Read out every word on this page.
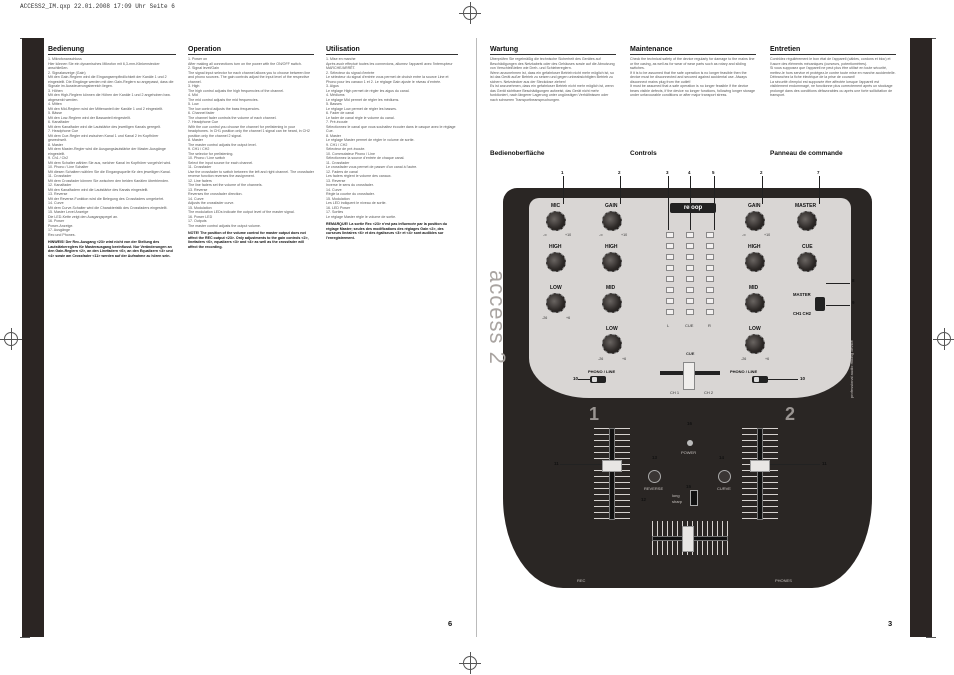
ACCESS2_IM.qxp 22.01.2008 17:09 Uhr Seite 6
Bedienung
1. Mikrofonanschluss
Hier können Sie ein dynamisches Mikrofon mit 6,3-mm-Klinkenstecker anschließen.
2. Signalanzeige (Gain)
Mit den Gain-Reglern wird die Eingangsempfindlichkeit der Kanäle 1 und 2 eingestellt. Die Eingänge werden mit den Gain-Reglern so angepasst, dass die Signale im Aussteuerungsbereich liegen.
3. Höhen
Mit den High-Reglern können die Höhen der Kanäle 1 und 2 angehoben bzw. abgesenkt werden.
4. Mitten
Mit den Mid-Reglern wird der Mittenanteil der Kanäle 1 und 2 eingestellt.
5. Bässe
Mit den Low-Reglern wird der Bassanteil eingestellt.
6. Kanalfader
Mit dem Kanalfader wird die Lautstärke des jeweiligen Kanals geregelt.
7. Headphone Cue
Mit dem Cue-Regler wird zwischen Kanal 1 und Kanal 2 im Kopfhörer gewechselt.
8. Master
Mit dem Master-Regler wird die Ausgangslautstärke der Master-Ausgänge eingestellt.
9. Ch1 / Ch2
Mit dem Schalter wählen Sie aus, welcher Kanal im Kopfhörer vorgehört wird.
10. Phono / Line Schalter
Mit diesen Schaltern wählen Sie die Eingangsquelle für den jeweiligen Kanal.
11. Crossfader
Mit dem Crossfader können Sie zwischen den beiden Kanälen überblenden.
12. Kanalfader
Mit den Kanalfadern wird die Lautstärke des Kanals eingestellt.
13. Reverse
Mit der Reverse-Funktion wird die Belegung des Crossfaders umgekehrt.
14. Curve
Mit dem Curve-Schalter wird die Charakteristik des Crossfaders eingestellt.
15. Master Level Anzeige
Die LED-Kette zeigt den Ausgangspegel an.
16. Power
Power-Anzeige.
17. Ausgänge
Rec und Phones.
HINWEIS! Der Rec-Ausgang <23> wird nicht von der Stellung des Lautstärkereglers für Masterausgang beeinflusst. Nur Veränderungen an den Gain-Reglern <2>, an den Linefadern <6>, an den Equalizern <3> und <4> sowie am Crossfader <11> werden auf der Aufnahme zu hören sein.
Operation
1. Power on
After making all connections turn on the power with the ON/OFF switch.
2. Signal level/Gain
The signal input selector for each channel allows you to choose between line and phono sources. The gain controls adjust the input level of the respective channel.
3. High
The high control adjusts the high frequencies of the channel.
4. Mid
The mid control adjusts the mid frequencies.
5. Low
The low control adjusts the bass frequencies.
6. Channel fader
The channel fader controls the volume of each channel.
7. Headphone Cue
With the cue control you choose the channel for prelistening in your headphones. In CH1 position only the channel 1 signal can be heard, in CH2 position only the channel 2 signal.
8. Master
The master control adjusts the output level.
9. CH1 / CH2
The selector for prelistening.
10. Phono / Line switch
Select the input source for each channel.
11. Crossfader
Use the crossfader to switch between the left and right channel. The crossfader reverse function reverses the assignment.
12. Line faders
The line faders set the volume of the channels.
13. Reverse
Reverses the crossfader direction.
14. Curve
Adjusts the crossfader curve.
15. Modulation
The modulation LEDs indicate the output level of the master signal.
16. Power LED
17. Outputs
The master control adjusts the output volume.
NOTE! The position of the volume control for master output does not affect the REC output <23>. Only adjustments to the gain controls <2>, linefaders <6>, equalizers <3> and <4> as well as the crossfader will affect the recording.
Utilisation
1. Mise en marche
Après avoir effectué toutes les connexions, allumez l'appareil avec l'interrupteur MARCHE/ARRÊT.
2. Sélecteur du signal d'entrée
Le sélecteur du signal d'entrée vous permet de choisir entre la source Line et Phono pour les canaux 1 et 2. Le réglage Gain ajuste le niveau d'entrée.
3. Aigus
Le réglage High permet de régler les aigus du canal.
4. Médiums
Le réglage Mid permet de régler les médiums.
5. Basses
Le réglage Low permet de régler les basses.
6. Fader de canal
Le fader de canal règle le volume du canal.
7. Pré-écoute
Sélectionnez le canal que vous souhaitez écouter dans le casque avec le réglage Cue.
8. Master
Le réglage Master permet de régler le volume de sortie.
9. CH1 / CH2
Sélecteur de pré-écoute.
10. Commutateur Phono / Line
Sélectionnez la source d'entrée de chaque canal.
11. Crossfader
Le crossfader vous permet de passer d'un canal à l'autre.
12. Faders de canal
Les faders règlent le volume des canaux.
13. Reverse
Inverse le sens du crossfader.
14. Curve
Règle la courbe du crossfader.
15. Modulation
Les LED indiquent le niveau de sortie.
16. LED Power
17. Sorties
Le réglage Master règle le volume de sortie.
REMARQUE! La sortie Rec <23> n'est pas influencée par la position du réglage Master; seules des modifications des réglages Gain <2>, des curseurs linéaires <6> et des égaliseurs <3> et <4> sont audibles sur l'enregistrement.
Wartung
Überprüfen Sie regelmäßig die technische Sicherheit des Gerätes auf Beschädigungen des Netzkabels oder des Gehäuses sowie auf die Abnutzung von Verschleißteilen wie Dreh- und Schiebereglern.
Wenn anzunehmen ist, dass ein gefahrloser Betrieb nicht mehr möglich ist, so ist das Gerät außer Betrieb zu setzen und gegen unbeabsichtigten Betrieb zu sichern. Netzstecker aus der Steckdose ziehen!
Es ist anzunehmen, dass ein gefahrloser Betrieb nicht mehr möglich ist, wenn das Gerät sichtbare Beschädigungen aufweist, das Gerät nicht mehr funktioniert, nach längerer Lagerung unter ungünstigen Verhältnissen oder nach schweren Transportbeanspruchungen.
Maintenance
Check the technical safety of the device regularly for damage to the mains line or the casing, as well as for wear of wear parts such as rotary and sliding switches.
If it is to be assumed that the safe operation is no longer feasible then the device must be disconnected and secured against accidental use. Always disconnect mains plug from the outlet!
It must be assumed that a safe operation is no longer feasible if the device bears visible defects, if the device no longer functions, following longer storage under unfavourable conditions or after major transport stress.
Entretien
Contrôlez régulièrement le bon état de l'appareil (câbles, cordons et bloc) et l'usure des éléments mécaniques (curseurs, potentiomètres).
Si vous supposez que l'appareil ne peut plus être utilisé en toute sécurité, mettez-le hors service et protégez-le contre toute mise en marche accidentelle. Débranchez la fiche électrique de la prise de courant!
La sécurité d'emploi est supposée être affectée lorsque l'appareil est visiblement endommagé, ne fonctionne plus correctement après un stockage prolongé dans des conditions défavorables ou après une forte sollicitation de transport.
Bedienoberfläche	Controls	Panneau de commande
6	3
access 2
reloop
professional audio mixing device
MIC	GAIN
HIGH	HIGH
LOW	MID
LOW
-∞	+10	-∞	+10
-26	+6
-26	+6
L	CUE	R
GAIN	MASTER
HIGH	CUE
MID
LOW
-∞	+10
-26	+6
MASTER
CH1 CH2
PHONO / LINE	PHONO / LINE
CUE
CH 1	CH 2
1	2
POWER
REVERSE	CURVE
long
sharp
REC	PHONES
1	2	3	4	5	2	7
8
9
10	10
11	11
12
13	14
15
16
